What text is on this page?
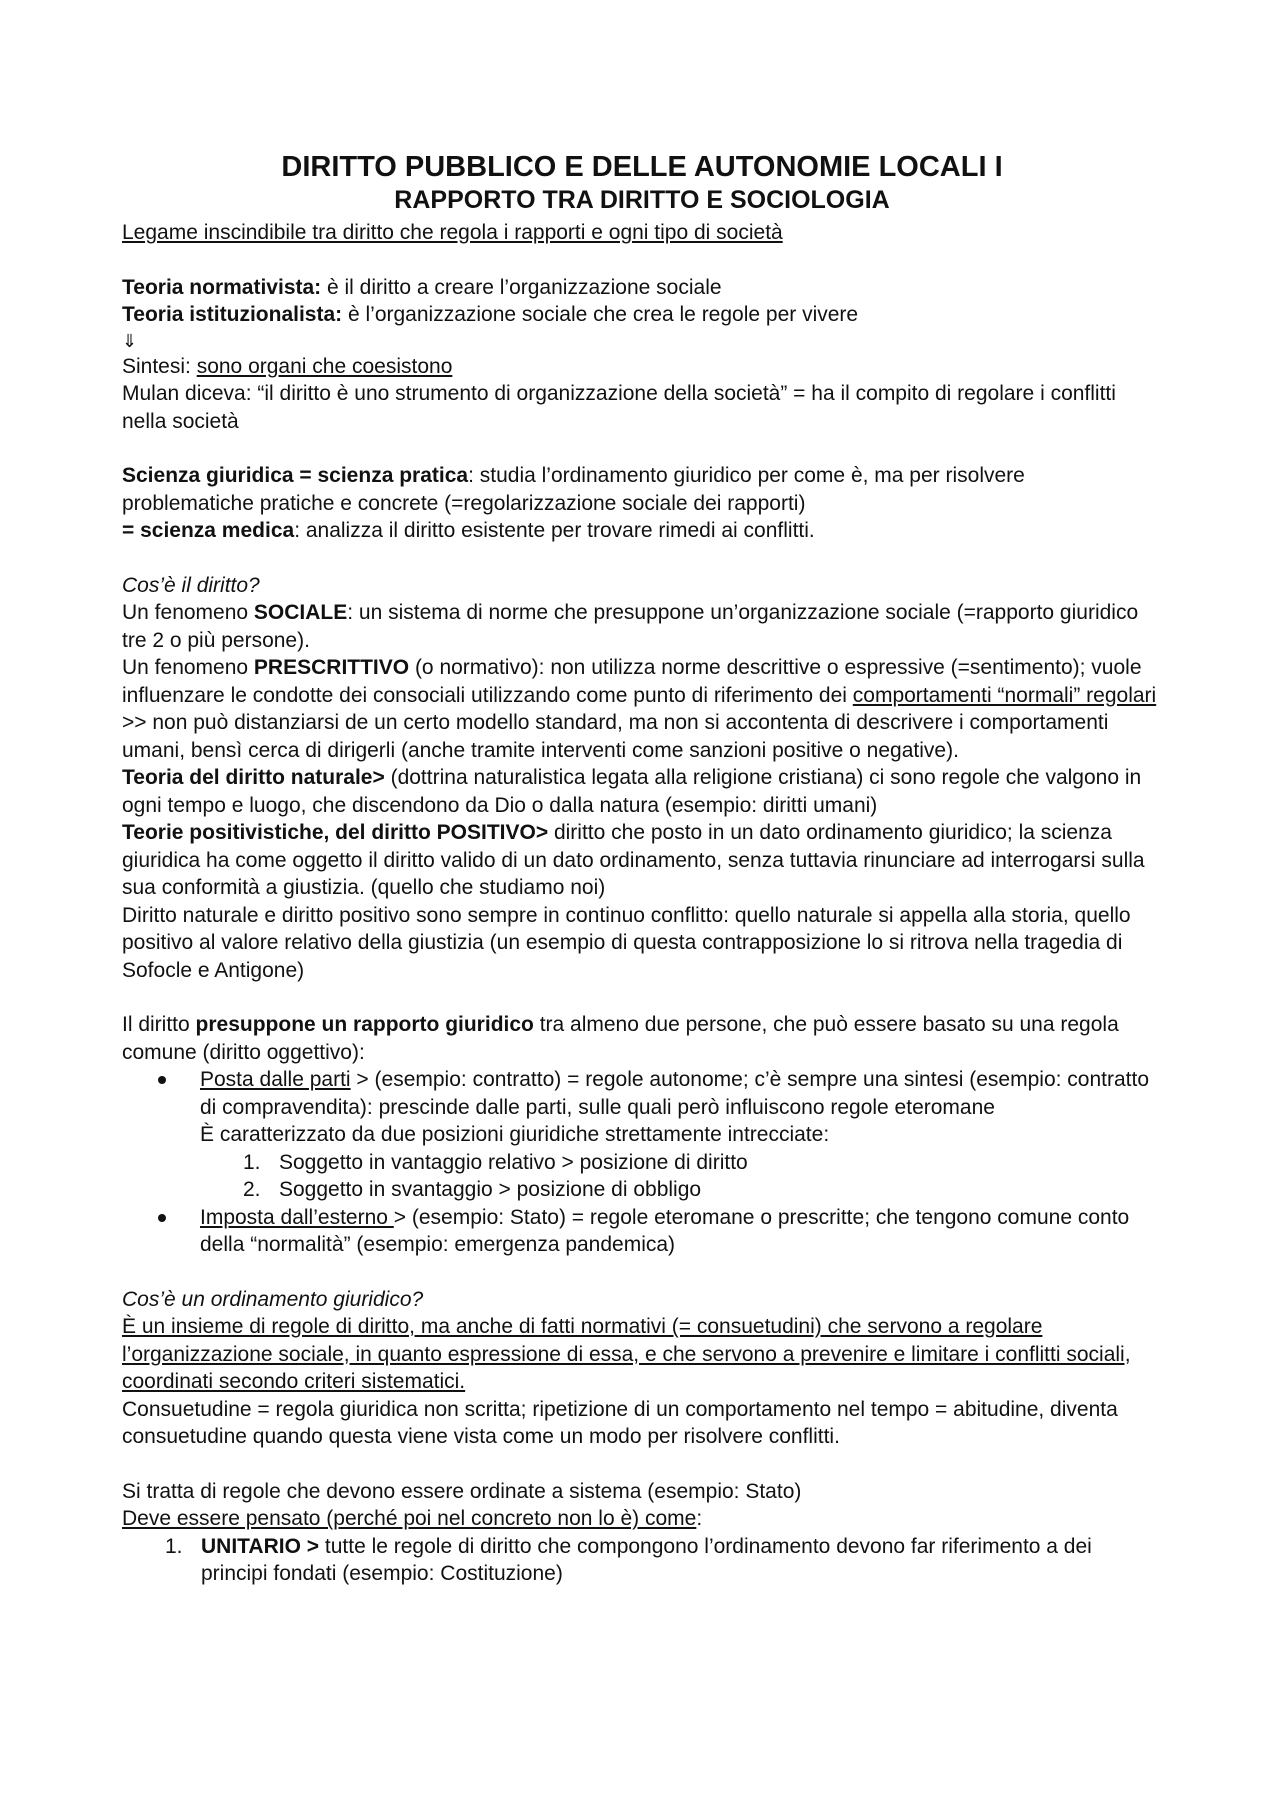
DIRITTO PUBBLICO E DELLE AUTONOMIE LOCALI I
RAPPORTO TRA DIRITTO E SOCIOLOGIA

Legame inscindibile tra diritto che regola i rapporti e ogni tipo di società

Teoria normativista: è il diritto a creare l’organizzazione sociale

Teoria istituzionalista: è l’organizzazione sociale che crea le regole per vivere

⇓

Sintesi: sono organi che coesistono

Mulan diceva: “il diritto è uno strumento di organizzazione della società” = ha il compito di regolare i conflitti nella società

Scienza giuridica = scienza pratica: studia l’ordinamento giuridico per come è, ma per risolvere problematiche pratiche e concrete (=regolarizzazione sociale dei rapporti)
= scienza medica: analizza il diritto esistente per trovare rimedi ai conflitti.

Cos’è il diritto?

Un fenomeno SOCIALE: un sistema di norme che presuppone un’organizzazione sociale (=rapporto giuridico tre 2 o più persone).

Un fenomeno PRESCRITTIVO (o normativo): non utilizza norme descrittive o espressive (=sentimento); vuole influenzare le condotte dei consociali utilizzando come punto di riferimento dei comportamenti “normali” regolari >> non può distanziarsi de un certo modello standard, ma non si accontenta di descrivere i comportamenti umani, bensì cerca di dirigerli (anche tramite interventi come sanzioni positive o negative).

Teoria del diritto naturale> (dottrina naturalistica legata alla religione cristiana) ci sono regole che valgono in ogni tempo e luogo, che discendono da Dio o dalla natura (esempio: diritti umani)

Teorie positivistiche, del diritto POSITIVO> diritto che posto in un dato ordinamento giuridico; la scienza giuridica ha come oggetto il diritto valido di un dato ordinamento, senza tuttavia rinunciare ad interrogarsi sulla sua conformità a giustizia. (quello che studiamo noi)

Diritto naturale e diritto positivo sono sempre in continuo conflitto: quello naturale si appella alla storia, quello positivo al valore relativo della giustizia (un esempio di questa contrapposizione lo si ritrova nella tragedia di Sofocle e Antigone)

Il diritto presuppone un rapporto giuridico tra almeno due persone, che può essere basato su una regola comune (diritto oggettivo):

Posta dalle parti > (esempio: contratto) = regole autonome; c’è sempre una sintesi (esempio: contratto di compravendita): prescinde dalle parti, sulle quali però influiscono regole eteromane
È caratterizzato da due posizioni giuridiche strettamente intrecciate:
1. Soggetto in vantaggio relativo > posizione di diritto
2. Soggetto in svantaggio > posizione di obbligo
Imposta dall’esterno > (esempio: Stato) = regole eteromane o prescritte; che tengono comune conto della “normalità” (esempio: emergenza pandemica)

Cos’è un ordinamento giuridico?

È un insieme di regole di diritto, ma anche di fatti normativi (= consuetudini) che servono a regolare l’organizzazione sociale, in quanto espressione di essa, e che servono a prevenire e limitare i conflitti sociali, coordinati secondo criteri sistematici.

Consuetudine = regola giuridica non scritta; ripetizione di un comportamento nel tempo = abitudine, diventa consuetudine quando questa viene vista come un modo per risolvere conflitti.

Si tratta di regole che devono essere ordinate a sistema (esempio: Stato)

Deve essere pensato (perché poi nel concreto non lo è) come:

1. UNITARIO > tutte le regole di diritto che compongono l’ordinamento devono far riferimento a dei principi fondati (esempio: Costituzione)
